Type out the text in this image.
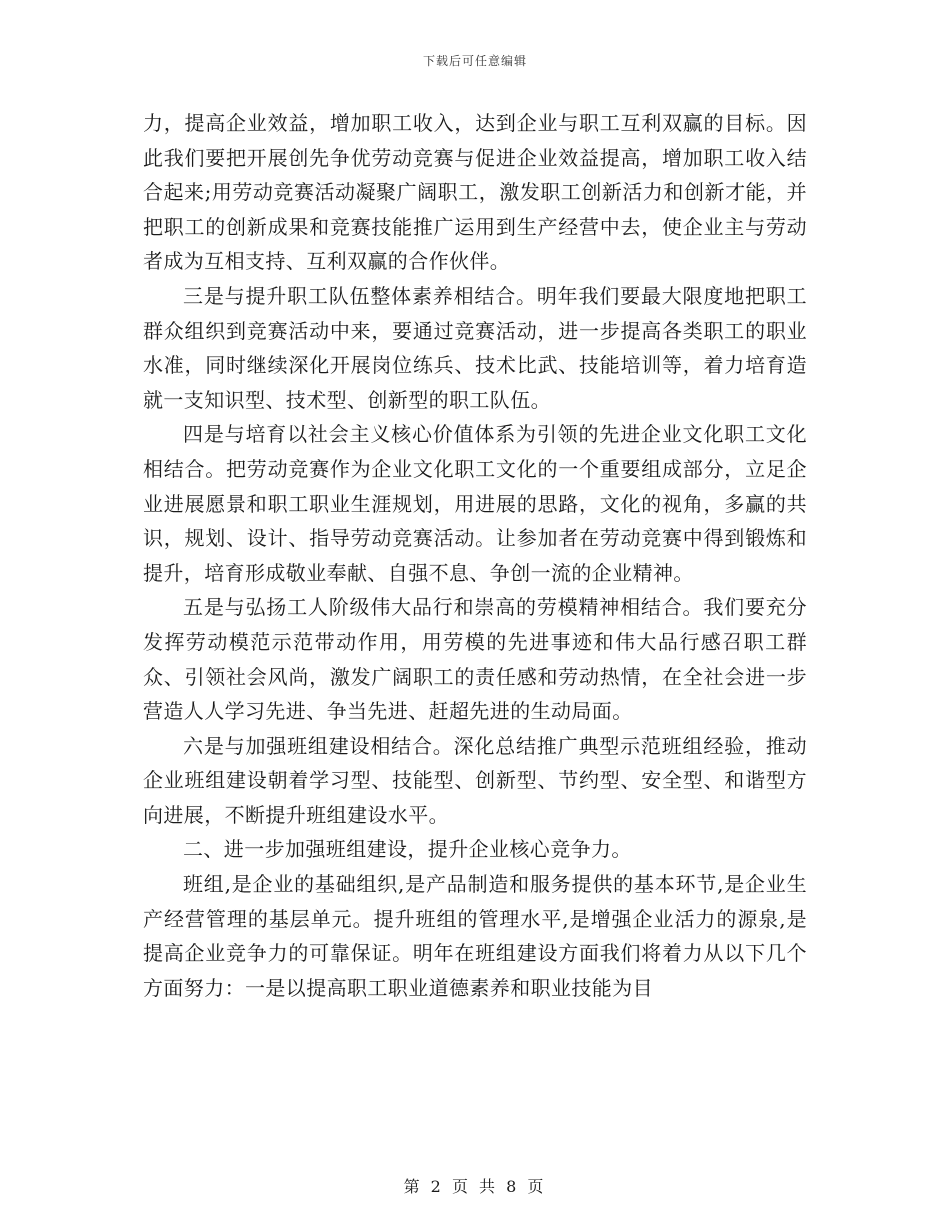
下载后可任意编辑

力，提高企业效益，增加职工收入，达到企业与职工互利双赢的目标。因此我们要把开展创先争优劳动竞赛与促进企业效益提高，增加职工收入结合起来;用劳动竞赛活动凝聚广阔职工，激发职工创新活力和创新才能，并把职工的创新成果和竞赛技能推广运用到生产经营中去，使企业主与劳动者成为互相支持、互利双赢的合作伙伴。

三是与提升职工队伍整体素养相结合。明年我们要最大限度地把职工群众组织到竞赛活动中来，要通过竞赛活动，进一步提高各类职工的职业水准，同时继续深化开展岗位练兵、技术比武、技能培训等，着力培育造就一支知识型、技术型、创新型的职工队伍。

四是与培育以社会主义核心价值体系为引领的先进企业文化职工文化相结合。把劳动竞赛作为企业文化职工文化的一个重要组成部分，立足企业进展愿景和职工职业生涯规划，用进展的思路，文化的视角，多赢的共识，规划、设计、指导劳动竞赛活动。让参加者在劳动竞赛中得到锻炼和提升，培育形成敬业奉献、自强不息、争创一流的企业精神。

五是与弘扬工人阶级伟大品行和崇高的劳模精神相结合。我们要充分发挥劳动模范示范带动作用，用劳模的先进事迹和伟大品行感召职工群众、引领社会风尚，激发广阔职工的责任感和劳动热情，在全社会进一步营造人人学习先进、争当先进、赶超先进的生动局面。

六是与加强班组建设相结合。深化总结推广典型示范班组经验，推动企业班组建设朝着学习型、技能型、创新型、节约型、安全型、和谐型方向进展，不断提升班组建设水平。

二、进一步加强班组建设，提升企业核心竞争力。

班组,是企业的基础组织,是产品制造和服务提供的基本环节,是企业生产经营管理的基层单元。提升班组的管理水平,是增强企业活力的源泉,是提高企业竞争力的可靠保证。明年在班组建设方面我们将着力从以下几个方面努力：一是以提高职工职业道德素养和职业技能为目

第 2 页 共 8 页
